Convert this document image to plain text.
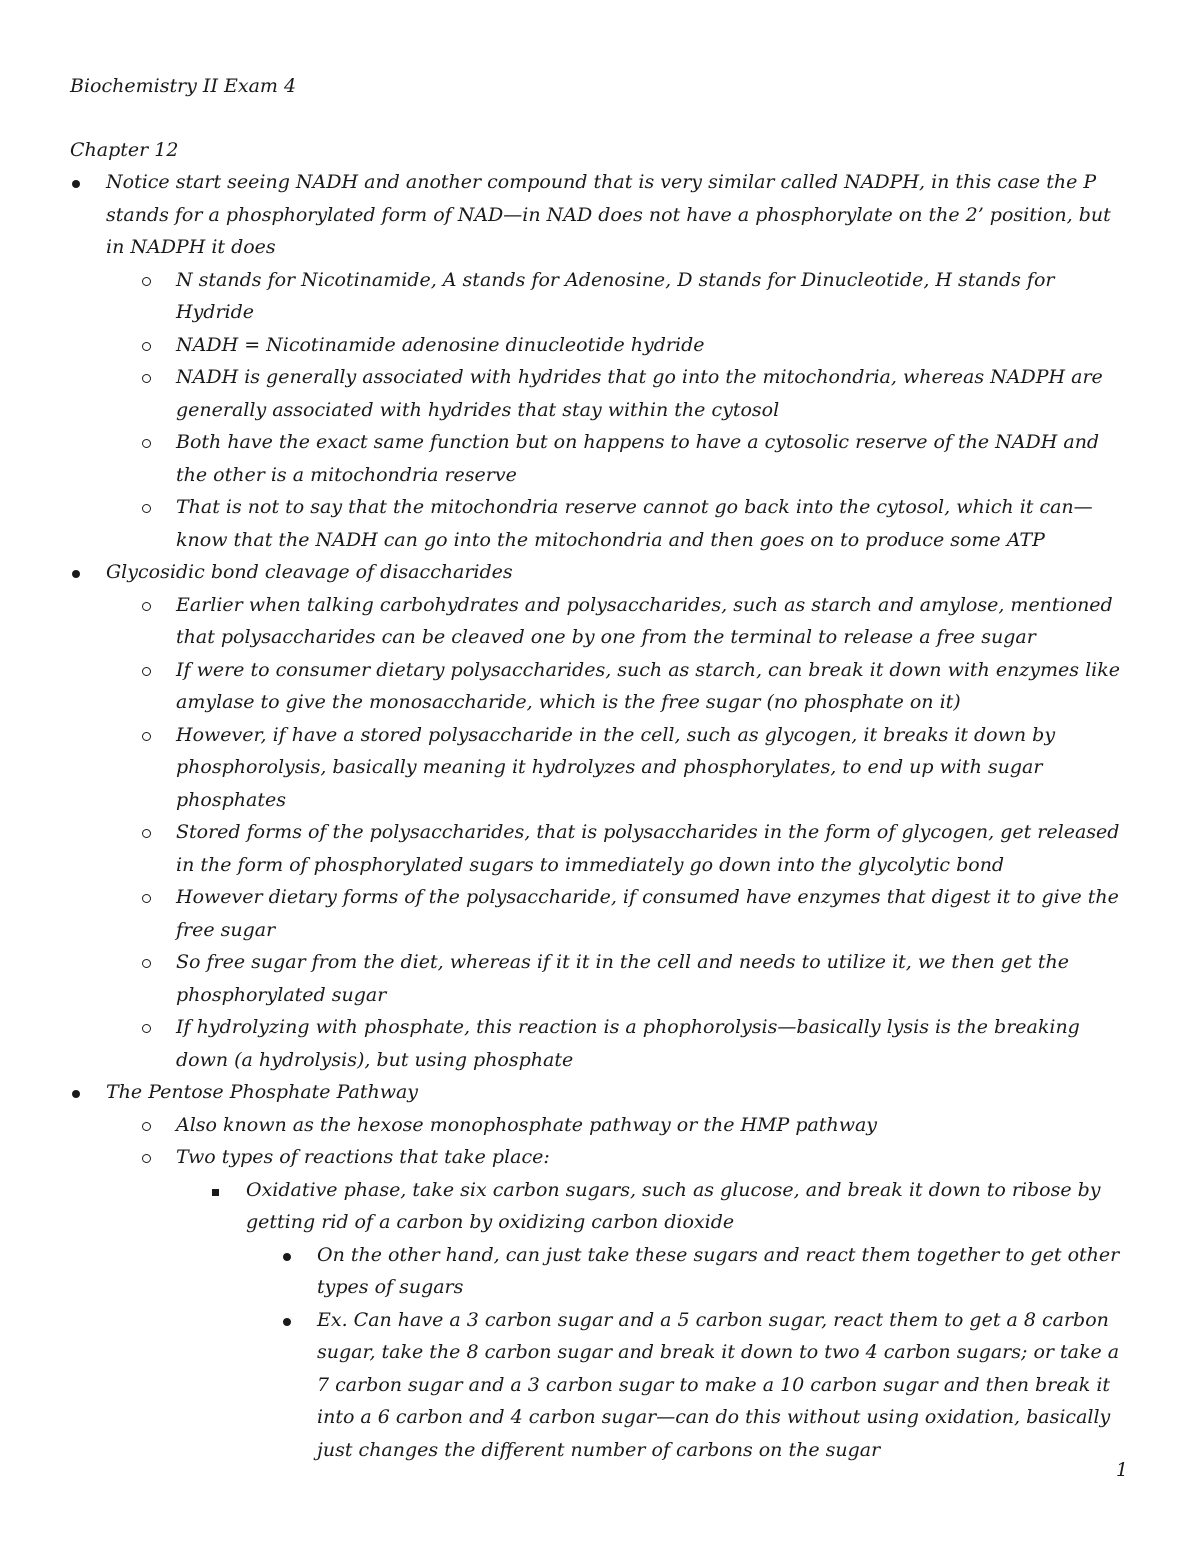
Biochemistry II Exam 4
Chapter 12
Notice start seeing NADH and another compound that is very similar called NADPH, in this case the P stands for a phosphorylated form of NAD—in NAD does not have a phosphorylate on the 2’ position, but in NADPH it does
N stands for Nicotinamide, A stands for Adenosine, D stands for Dinucleotide, H stands for Hydride
NADH = Nicotinamide adenosine dinucleotide hydride
NADH is generally associated with hydrides that go into the mitochondria, whereas NADPH are generally associated with hydrides that stay within the cytosol
Both have the exact same function but on happens to have a cytosolic reserve of the NADH and the other is a mitochondria reserve
That is not to say that the mitochondria reserve cannot go back into the cytosol, which it can—know that the NADH can go into the mitochondria and then goes on to produce some ATP
Glycosidic bond cleavage of disaccharides
Earlier when talking carbohydrates and polysaccharides, such as starch and amylose, mentioned that polysaccharides can be cleaved one by one from the terminal to release a free sugar
If were to consumer dietary polysaccharides, such as starch, can break it down with enzymes like amylase to give the monosaccharide, which is the free sugar (no phosphate on it)
However, if have a stored polysaccharide in the cell, such as glycogen, it breaks it down by phosphorolysis, basically meaning it hydrolyzes and phosphorylates, to end up with sugar phosphates
Stored forms of the polysaccharides, that is polysaccharides in the form of glycogen, get released in the form of phosphorylated sugars to immediately go down into the glycolytic bond
However dietary forms of the polysaccharide, if consumed have enzymes that digest it to give the free sugar
So free sugar from the diet, whereas if it it in the cell and needs to utilize it, we then get the phosphorylated sugar
If hydrolyzing with phosphate, this reaction is a phophorolysis—basically lysis is the breaking down (a hydrolysis), but using phosphate
The Pentose Phosphate Pathway
Also known as the hexose monophosphate pathway or the HMP pathway
Two types of reactions that take place:
Oxidative phase, take six carbon sugars, such as glucose, and break it down to ribose by getting rid of a carbon by oxidizing carbon dioxide
On the other hand, can just take these sugars and react them together to get other types of sugars
Ex. Can have a 3 carbon sugar and a 5 carbon sugar, react them to get a 8 carbon sugar, take the 8 carbon sugar and break it down to two 4 carbon sugars; or take a 7 carbon sugar and a 3 carbon sugar to make a 10 carbon sugar and then break it into a 6 carbon and 4 carbon sugar—can do this without using oxidation, basically just changes the different number of carbons on the sugar
1
